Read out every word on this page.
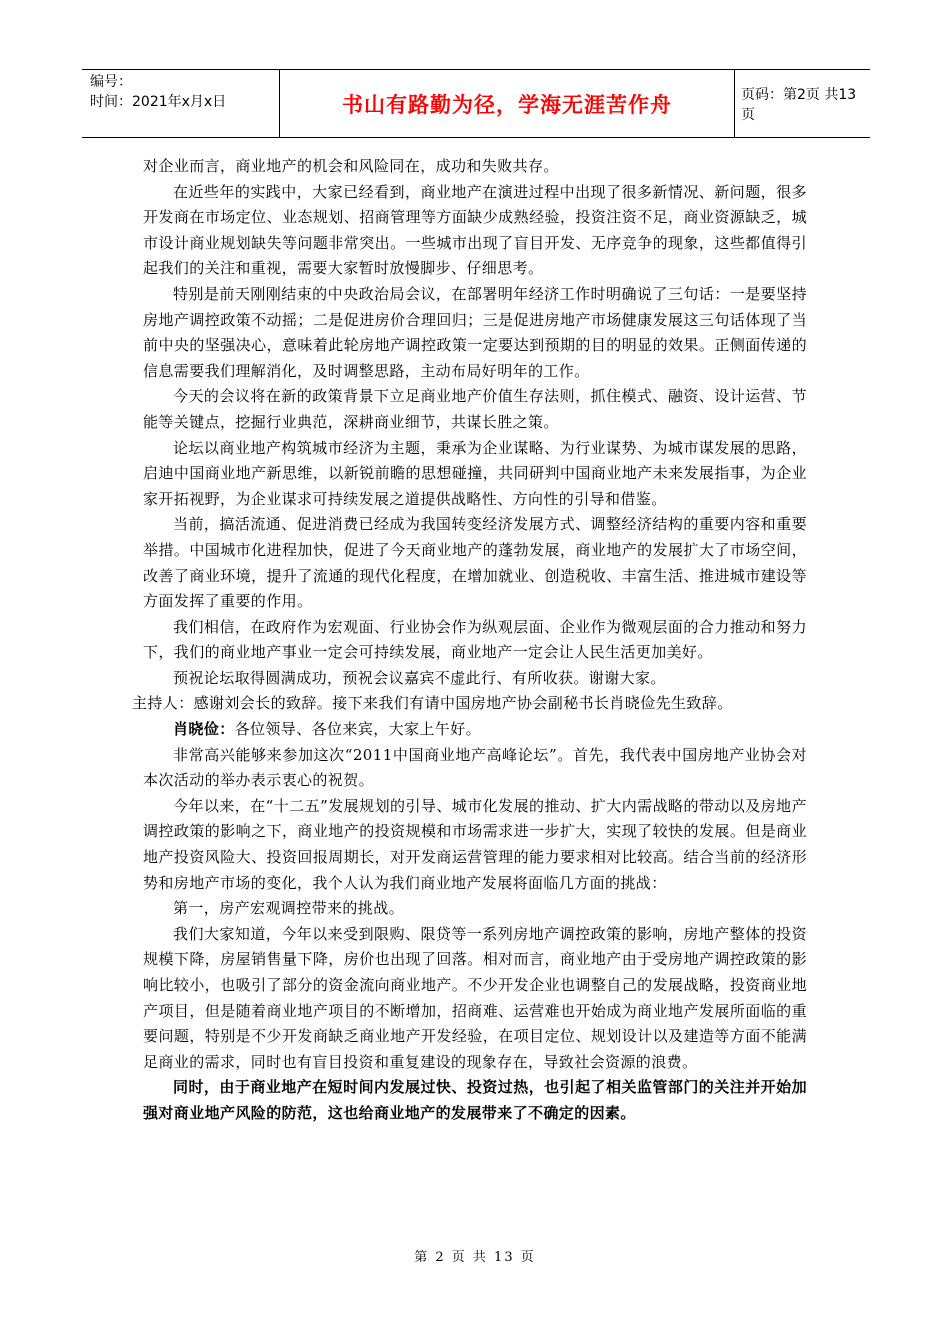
编号：
时间：2021年x月x日	书山有路勤为径，学海无涯苦作舟	页码：第2页 共13页

对企业而言，商业地产的机会和风险同在，成功和失败共存。

在近些年的实践中，大家已经看到，商业地产在演进过程中出现了很多新情况、新问题，很多开发商在市场定位、业态规划、招商管理等方面缺少成熟经验，投资注资不足，商业资源缺乏，城市设计商业规划缺失等问题非常突出。一些城市出现了盲目开发、无序竞争的现象，这些都值得引起我们的关注和重视，需要大家暂时放慢脚步、仔细思考。

特别是前天刚刚结束的中央政治局会议，在部署明年经济工作时明确说了三句话：一是要坚持房地产调控政策不动摇；二是促进房价合理回归；三是促进房地产市场健康发展这三句话体现了当前中央的坚强决心，意味着此轮房地产调控政策一定要达到预期的目的明显的效果。正侧面传递的信息需要我们理解消化，及时调整思路，主动布局好明年的工作。

今天的会议将在新的政策背景下立足商业地产价值生存法则，抓住模式、融资、设计运营、节能等关键点，挖掘行业典范，深耕商业细节，共谋长胜之策。

论坛以商业地产构筑城市经济为主题，秉承为企业谋略、为行业谋势、为城市谋发展的思路，启迪中国商业地产新思维，以新锐前瞻的思想碰撞，共同研判中国商业地产未来发展指事，为企业家开拓视野，为企业谋求可持续发展之道提供战略性、方向性的引导和借鉴。

当前，搞活流通、促进消费已经成为我国转变经济发展方式、调整经济结构的重要内容和重要举措。中国城市化进程加快，促进了今天商业地产的蓬勃发展，商业地产的发展扩大了市场空间，改善了商业环境，提升了流通的现代化程度，在增加就业、创造税收、丰富生活、推进城市建设等方面发挥了重要的作用。

我们相信，在政府作为宏观面、行业协会作为纵观层面、企业作为微观层面的合力推动和努力下，我们的商业地产事业一定会可持续发展，商业地产一定会让人民生活更加美好。

预祝论坛取得圆满成功，预祝会议嘉宾不虚此行、有所收获。谢谢大家。

主持人：感谢刘会长的致辞。接下来我们有请中国房地产协会副秘书长肖晓俭先生致辞。

肖晓俭：各位领导、各位来宾，大家上午好。

非常高兴能够来参加这次“2011中国商业地产高峰论坛”。首先，我代表中国房地产业协会对本次活动的举办表示衷心的祝贺。

今年以来，在“十二五”发展规划的引导、城市化发展的推动、扩大内需战略的带动以及房地产调控政策的影响之下，商业地产的投资规模和市场需求进一步扩大，实现了较快的发展。但是商业地产投资风险大、投资回报周期长，对开发商运营管理的能力要求相对比较高。结合当前的经济形势和房地产市场的变化，我个人认为我们商业地产发展将面临几方面的挑战：

第一，房产宏观调控带来的挑战。

我们大家知道，今年以来受到限购、限贷等一系列房地产调控政策的影响，房地产整体的投资规模下降，房屋销售量下降，房价也出现了回落。相对而言，商业地产由于受房地产调控政策的影响比较小，也吸引了部分的资金流向商业地产。不少开发企业也调整自己的发展战略，投资商业地产项目，但是随着商业地产项目的不断增加，招商难、运营难也开始成为商业地产发展所面临的重要问题，特别是不少开发商缺乏商业地产开发经验，在项目定位、规划设计以及建造等方面不能满足商业的需求，同时也有盲目投资和重复建设的现象存在，导致社会资源的浪费。

同时，由于商业地产在短时间内发展过快、投资过热，也引起了相关监管部门的关注并开始加强对商业地产风险的防范，这也给商业地产的发展带来了不确定的因素。

第 2 页 共 13 页
